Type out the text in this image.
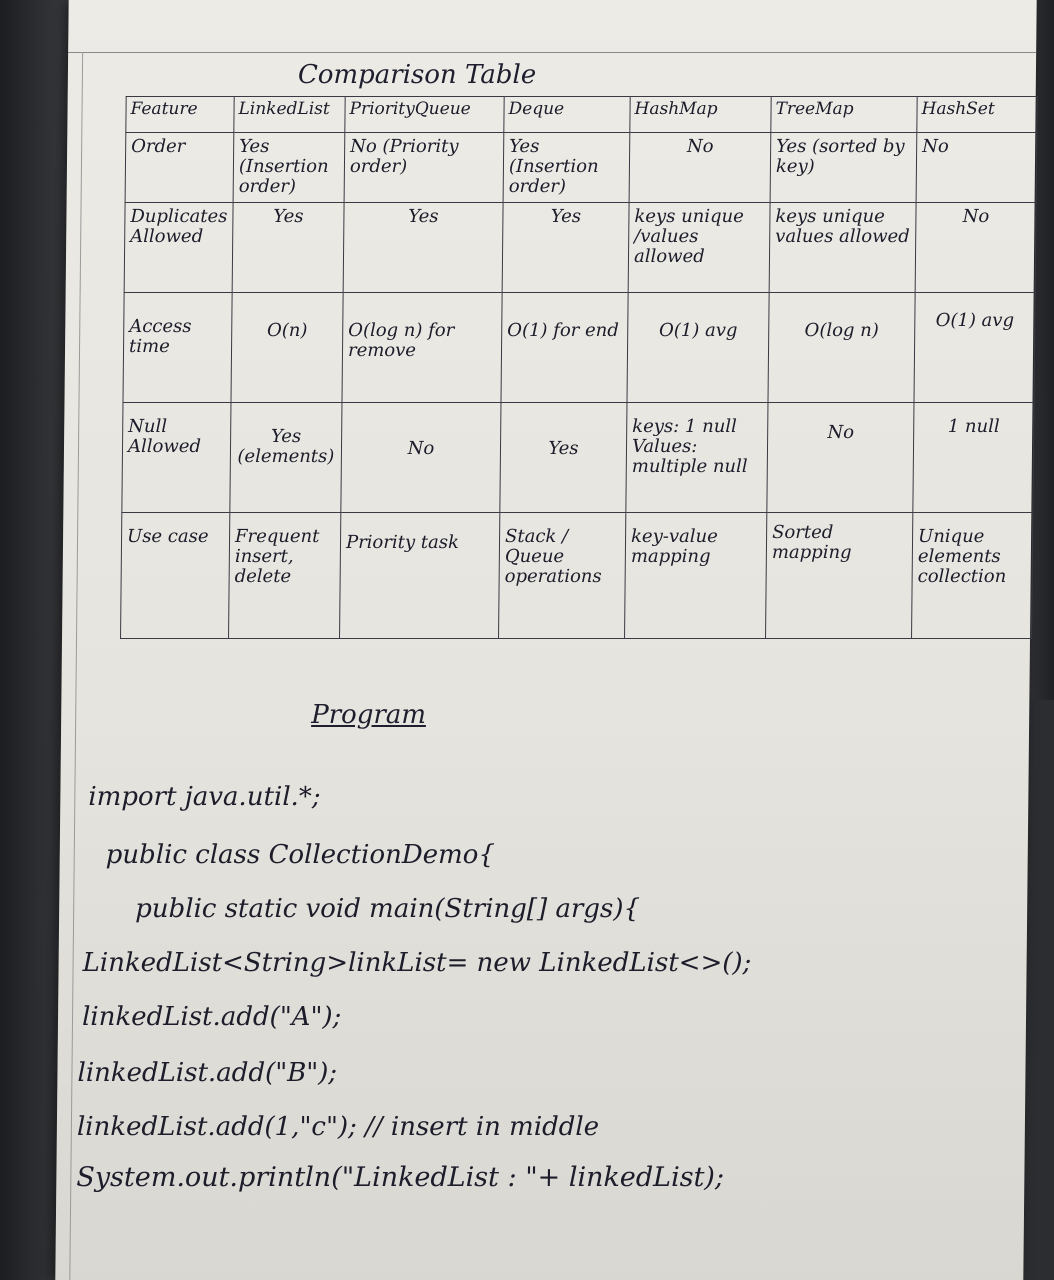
Comparison Table
Feature	LinkedList	PriorityQueue	Deque	HashMap	TreeMap	HashSet
Order	Yes (Insertion order)	No (Priority order)	Yes (Insertion order)	No	Yes (sorted by key)	No
Duplicates Allowed	Yes	Yes	Yes	keys unique /values allowed	keys unique values allowed	No
Access time	O(n)	O(log n) for remove	O(1) for end	O(1) avg	O(log n)	O(1) avg
Null Allowed	Yes (elements)	No	Yes	keys: 1 null Values: multiple null	No	1 null
Use case	Frequent insert, delete	Priority task	Stack / Queue operations	key-value mapping	Sorted mapping	Unique elements collection
Program
import java.util.*;
public class CollectionDemo{
public static void main(String[] args){
LinkedList<String>linkList= new LinkedList<>();
linkedList.add("A");
linkedList.add("B");
linkedList.add(1,"c"); // insert in middle
System.out.println("LinkedList : "+ linkedList);
